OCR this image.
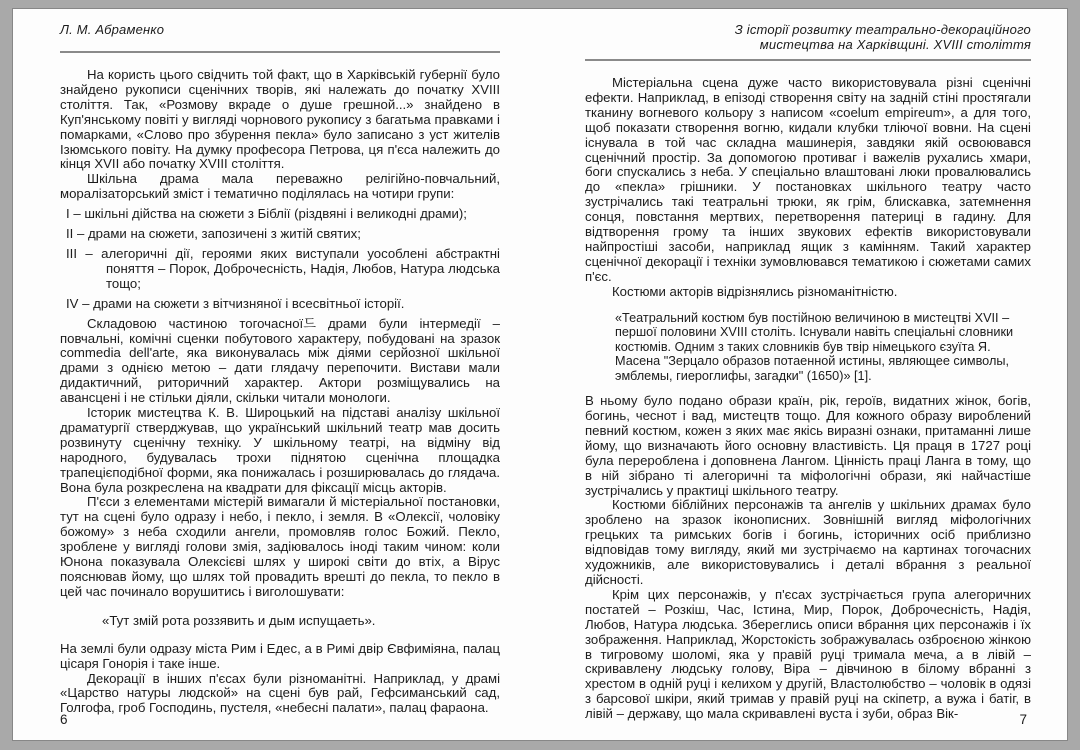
Л. М. Абраменко

На користь цього свідчить той факт, що в Харківській губернії було знайдено рукописи сценічних творів, які належать до початку XVIII століття. Так, «Розмову вкраде о душе грешной...» знайдено в Куп'янському повіті у вигляді чорнового рукопису з багатьма правками і помарками, «Слово про збурення пекла» було записано з уст жителів Ізюмського повіту. На думку професора Петрова, ця п'єса належить до кінця XVII або початку XVIII століття.

Шкільна драма мала переважно релігійно-повчальний, моралізаторський зміст і тематично поділялась на чотири групи:

I – шкільні дійства на сюжети з Біблії (різдвяні і великодні драми);

II – драми на сюжети, запозичені з житій святих;

III – алегоричні дії, героями яких виступали уособлені абстрактні поняття – Порок, Доброчесність, Надія, Любов, Натура людська тощо;

IV – драми на сюжети з вітчизняної і всесвітньої історії.

Складовою частиною тогочасної드 драми були інтермедії – повчальні, комічні сценки побутового характеру, побудовані на зразок commedia dell'arte, яка виконувалась між діями серйозної шкільної драми з однією метою – дати глядачу перепочити. Вистави мали дидактичний, риторичний характер. Актори розміщувались на авансцені і не стільки діяли, скільки читали монологи.

Історик мистецтва К. В. Широцький на підставі аналізу шкільної драматургії стверджував, що український шкільний театр мав досить розвинуту сценічну техніку. У шкільному театрі, на відміну від народного, будувалась трохи піднятою сценічна площадка трапецієподібної форми, яка понижалась і розширювалась до глядача. Вона була розкреслена на квадрати для фіксації місць акторів.

П'єси з елементами містерій вимагали й містеріальної постановки, тут на сцені було одразу і небо, і пекло, і земля. В «Олексії, чоловіку божому» з неба сходили ангели, промовляв голос Божий. Пекло, зроблене у вигляді голови змія, задіювалось іноді таким чином: коли Юнона показувала Олексієві шлях у широкі світи до втіх, а Вірус пояснював йому, що шлях той провадить врешті до пекла, то пекло в цей час починало ворушитись і виголошувати:

«Тут змій рота роззявить и дым испущаеть».

На землі були одразу міста Рим і Едес, а в Римі двір Євфиміяна, палац цісаря Гонорія і таке інше.

Декорації в інших п'єсах були різноманітні. Наприклад, у драмі «Царство натуры людской» на сцені був рай, Гефсиманський сад, Голгофа, гроб Господинь, пустеля, «небесні палати», палац фараона.

6
З історії розвитку театрально-декораційного
мистецтва на Харківщині. XVIII століття

Містеріальна сцена дуже часто використовувала різні сценічні ефекти. Наприклад, в епізоді створення світу на задній стіні простягали тканину вогневого кольору з написом «coelum empireum», а для того, щоб показати створення вогню, кидали клубки тліючої вовни. На сцені існувала в той час складна машинерія, завдяки якій освоювався сценічний простір. За допомогою противаг і важелів рухались хмари, боги спускались з неба. У спеціально влаштовані люки провалювались до «пекла» грішники. У постановках шкільного театру часто зустрічались такі театральні трюки, як грім, блискавка, затемнення сонця, повстання мертвих, перетворення патериці в гадину. Для відтворення грому та інших звукових ефектів використовували найпростіші засоби, наприклад ящик з камінням. Такий характер сценічної декорації і техніки зумовлювався тематикою і сюжетами самих п'єс.

Костюми акторів відрізнялись різноманітністю.

«Театральний костюм був постійною величиною в мистецтві XVII – першої половини XVIII століть. Існували навіть спеціальні словники костюмів. Одним з таких словників був твір німецького єзуїта Я. Масена "Зерцало образов потаенной истины, являющее символы, эмблемы, гиероглифы, загадки" (1650)» [1].

В ньому було подано образи країн, рік, героїв, видатних жінок, богів, богинь, чеснот і вад, мистецтв тощо. Для кожного образу вироблений певний костюм, кожен з яких має якісь виразні ознаки, притаманні лише йому, що визначають його основну властивість. Ця праця в 1727 році була перероблена і доповнена Лангом. Цінність праці Ланга в тому, що в ній зібрано ті алегоричні та міфологічні образи, які найчастіше зустрічались у практиці шкільного театру.

Костюми біблійних персонажів та ангелів у шкільних драмах було зроблено на зразок іконописних. Зовнішній вигляд міфологічних грецьких та римських богів і богинь, історичних осіб приблизно відповідав тому вигляду, який ми зустрічаємо на картинах тогочасних художників, але використовувались і деталі вбрання з реальної дійсності.

Крім цих персонажів, у п'єсах зустрічається група алегоричних постатей – Розкіш, Час, Істина, Мир, Порок, Доброчесність, Надія, Любов, Натура людська. Збереглись описи вбрання цих персонажів і їх зображення. Наприклад, Жорстокість зображувалась озброєною жінкою в тигровому шоломі, яка у правій руці тримала меча, а в лівій – скривавлену людську голову, Віра – дівчиною в білому вбранні з хрестом в одній руці і келихом у другій, Властолюбство – чоловік в одязі з барсової шкіри, який тримав у правій руці на скіпетр, а вужа і батіг, в лівій – державу, що мала скривавлені вуста і зуби, образ Вік-	7
